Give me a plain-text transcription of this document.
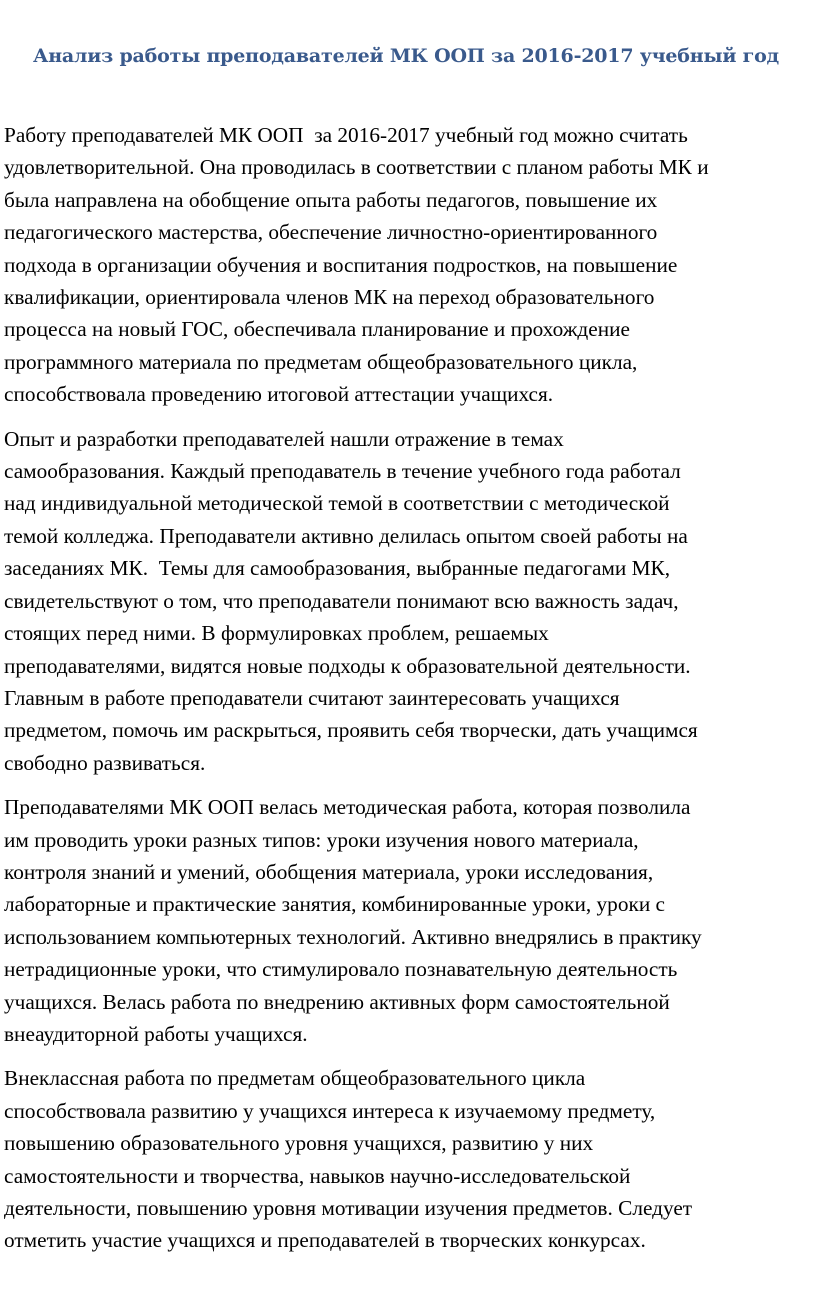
Анализ работы преподавателей МК ООП за 2016-2017 учебный год

Работу преподавателей МК ООП  за 2016-2017 учебный год можно считать
удовлетворительной. Она проводилась в соответствии с планом работы МК и
была направлена на обобщение опыта работы педагогов, повышение их
педагогического мастерства, обеспечение личностно-ориентированного
подхода в организации обучения и воспитания подростков, на повышение
квалификации, ориентировала членов МК на переход образовательного
процесса на новый ГОС, обеспечивала планирование и прохождение
программного материала по предметам общеобразовательного цикла,
способствовала проведению итоговой аттестации учащихся.

Опыт и разработки преподавателей нашли отражение в темах
самообразования. Каждый преподаватель в течение учебного года работал
над индивидуальной методической темой в соответствии с методической
темой колледжа. Преподаватели активно делилась опытом своей работы на
заседаниях МК.  Темы для самообразования, выбранные педагогами МК,
свидетельствуют о том, что преподаватели понимают всю важность задач,
стоящих перед ними. В формулировках проблем, решаемых
преподавателями, видятся новые подходы к образовательной деятельности.
Главным в работе преподаватели считают заинтересовать учащихся
предметом, помочь им раскрыться, проявить себя творчески, дать учащимся
свободно развиваться.

Преподавателями МК ООП велась методическая работа, которая позволила
им проводить уроки разных типов: уроки изучения нового материала,
контроля знаний и умений, обобщения материала, уроки исследования,
лабораторные и практические занятия, комбинированные уроки, уроки с
использованием компьютерных технологий. Активно внедрялись в практику
нетрадиционные уроки, что стимулировало познавательную деятельность
учащихся. Велась работа по внедрению активных форм самостоятельной
внеаудиторной работы учащихся.

Внеклассная работа по предметам общеобразовательного цикла
способствовала развитию у учащихся интереса к изучаемому предмету,
повышению образовательного уровня учащихся, развитию у них
самостоятельности и творчества, навыков научно-исследовательской
деятельности, повышению уровня мотивации изучения предметов. Следует
отметить участие учащихся и преподавателей в творческих конкурсах.
